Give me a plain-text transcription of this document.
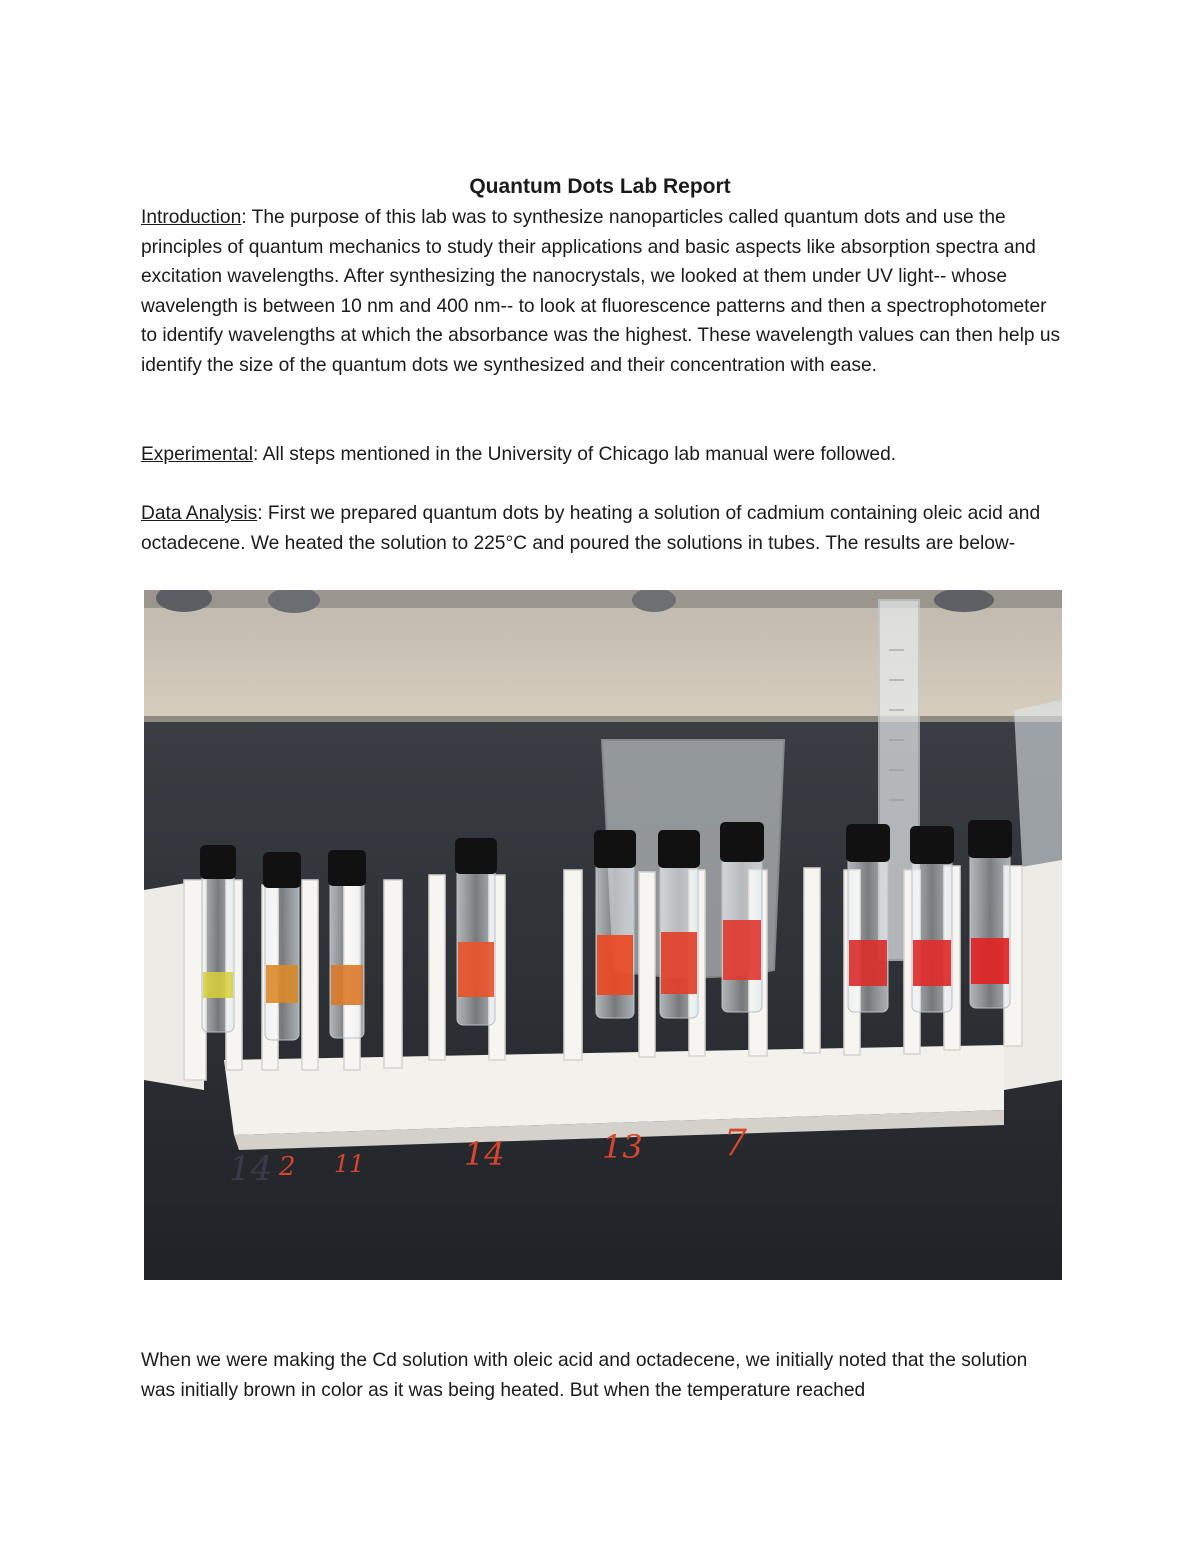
Quantum Dots Lab Report

Introduction: The purpose of this lab was to synthesize nanoparticles called quantum dots and use the principles of quantum mechanics to study their applications and basic aspects like absorption spectra and excitation wavelengths. After synthesizing the nanocrystals, we looked at them under UV light-- whose wavelength is between 10 nm and 400 nm-- to look at fluorescence patterns and then a spectrophotometer to identify wavelengths at which the absorbance was the highest. These wavelength values can then help us identify the size of the quantum dots we synthesized and their concentration with ease.

Experimental: All steps mentioned in the University of Chicago lab manual were followed.

Data Analysis: First we prepared quantum dots by heating a solution of cadmium containing oleic acid and octadecene. We heated the solution to 225°C and poured the solutions in tubes. The results are below-

14 2 11	14	13 7

When we were making the Cd solution with oleic acid and octadecene, we initially noted that the solution was initially brown in color as it was being heated. But when the temperature reached
